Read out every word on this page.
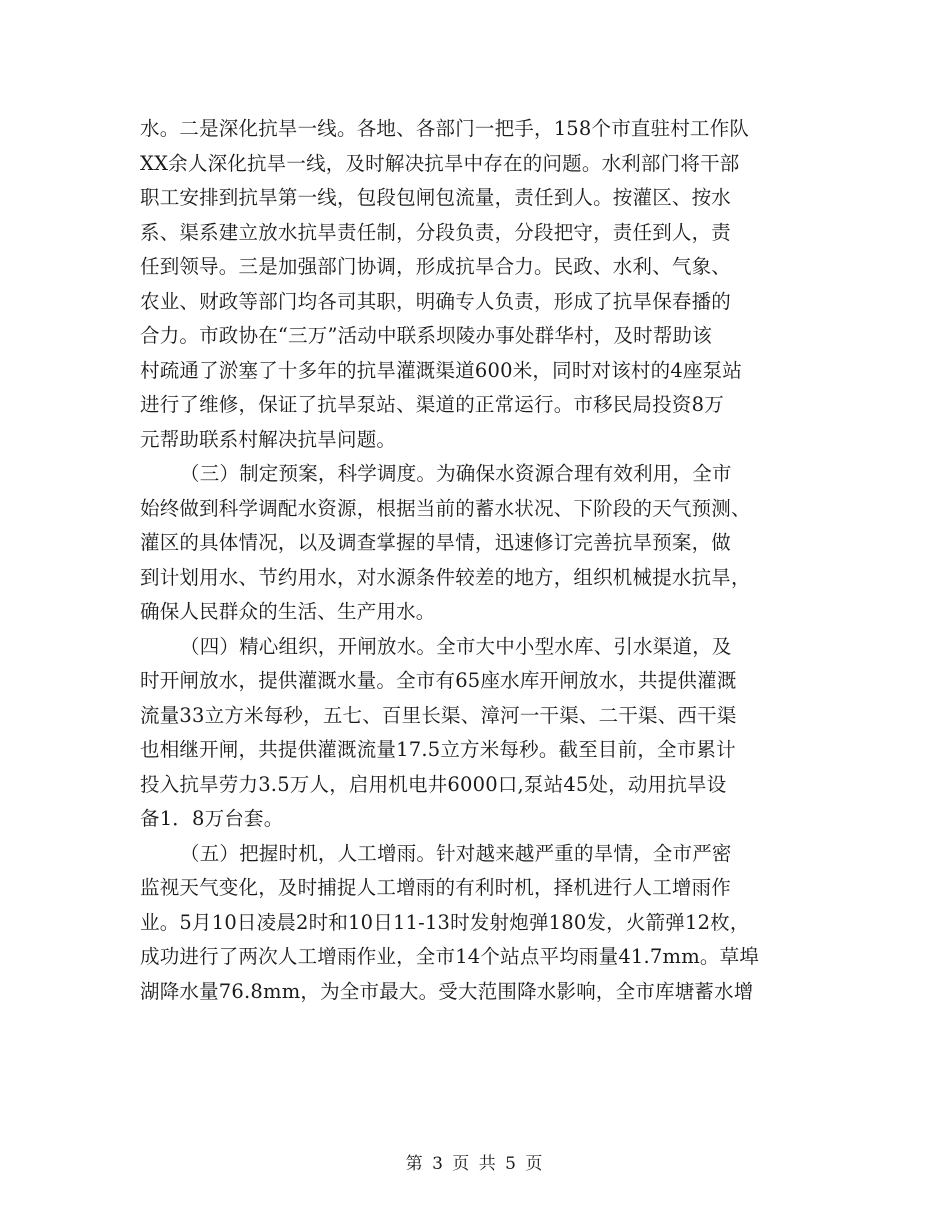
水。二是深化抗旱一线。各地、各部门一把手，158个市直驻村工作队
XX余人深化抗旱一线，及时解决抗旱中存在的问题。水利部门将干部
职工安排到抗旱第一线，包段包闸包流量，责任到人。按灌区、按水
系、渠系建立放水抗旱责任制，分段负责，分段把守，责任到人，责
任到领导。三是加强部门协调，形成抗旱合力。民政、水利、气象、
农业、财政等部门均各司其职，明确专人负责，形成了抗旱保春播的
合力。市政协在“三万”活动中联系坝陵办事处群华村，及时帮助该
村疏通了淤塞了十多年的抗旱灌溉渠道600米，同时对该村的4座泵站
进行了维修，保证了抗旱泵站、渠道的正常运行。市移民局投资8万
元帮助联系村解决抗旱问题。
（三）制定预案，科学调度。为确保水资源合理有效利用，全市
始终做到科学调配水资源，根据当前的蓄水状况、下阶段的天气预测、
灌区的具体情况，以及调查掌握的旱情，迅速修订完善抗旱预案，做
到计划用水、节约用水，对水源条件较差的地方，组织机械提水抗旱，
确保人民群众的生活、生产用水。
（四）精心组织，开闸放水。全市大中小型水库、引水渠道，及
时开闸放水，提供灌溉水量。全市有65座水库开闸放水，共提供灌溉
流量33立方米每秒，五七、百里长渠、漳河一干渠、二干渠、西干渠
也相继开闸，共提供灌溉流量17.5立方米每秒。截至目前，全市累计
投入抗旱劳力3.5万人，启用机电井6000口,泵站45处，动用抗旱设
备1．8万台套。
（五）把握时机，人工增雨。针对越来越严重的旱情，全市严密
监视天气变化，及时捕捉人工增雨的有利时机，择机进行人工增雨作
业。5月10日凌晨2时和10日11-13时发射炮弹180发，火箭弹12枚，
成功进行了两次人工增雨作业，全市14个站点平均雨量41.7mm。草埠
湖降水量76.8mm，为全市最大。受大范围降水影响，全市库塘蓄水增
第 3 页 共 5 页
